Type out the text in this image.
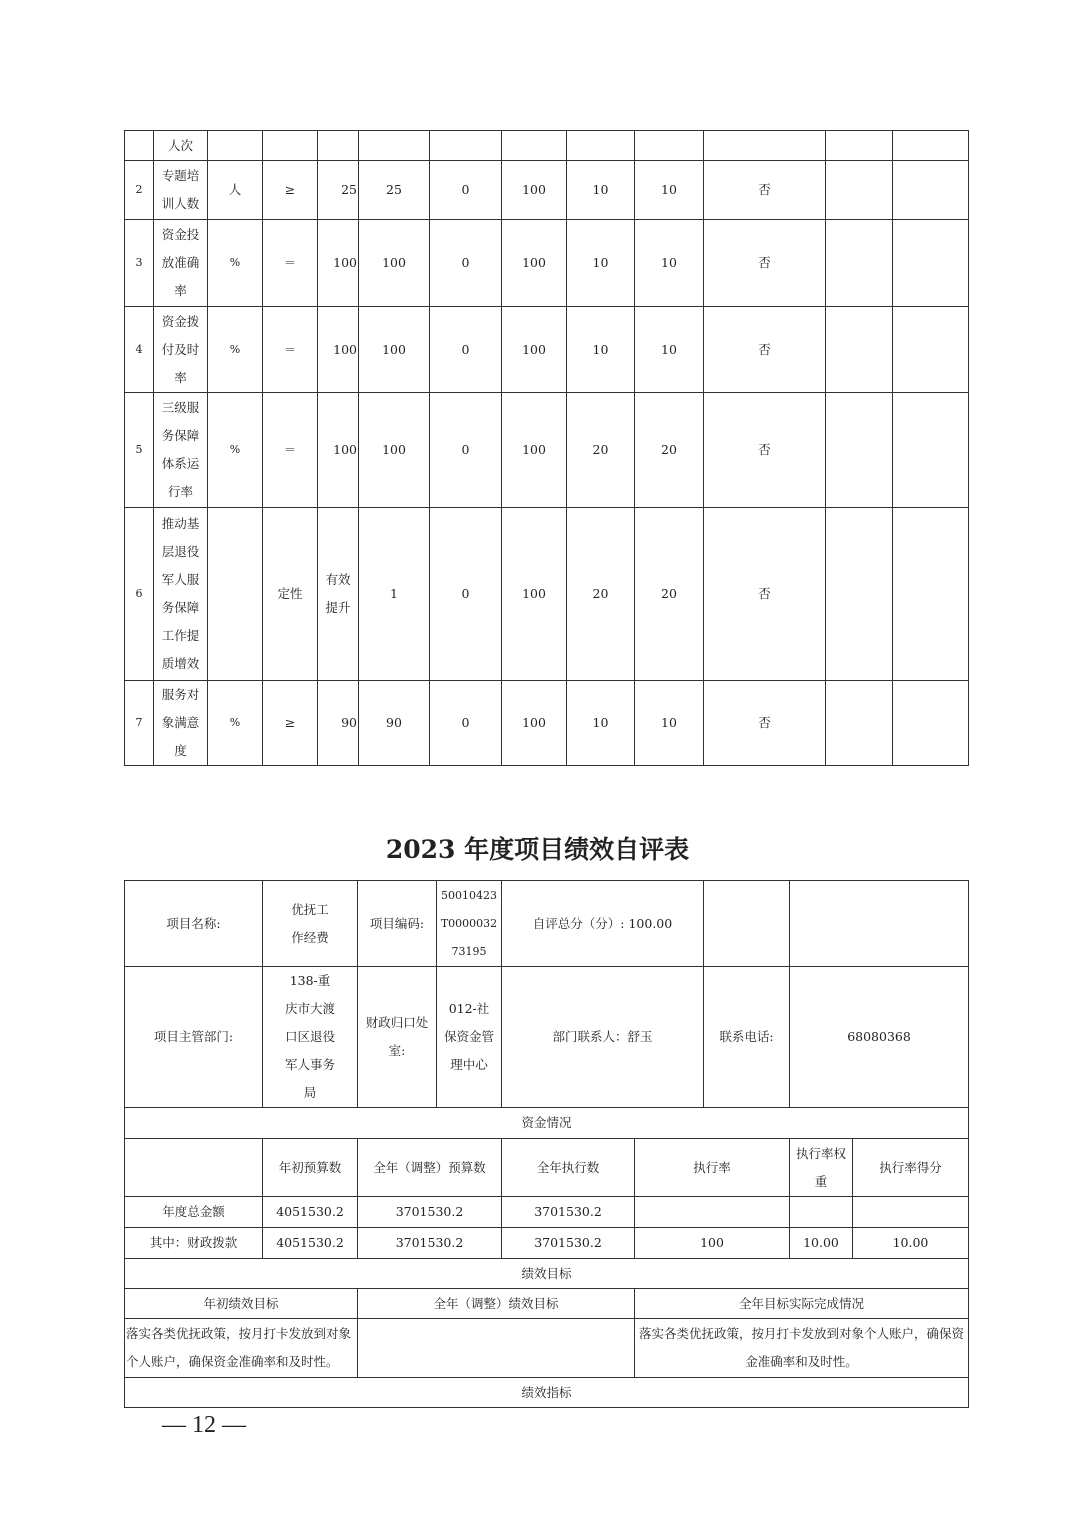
	人次											
2	专题培训人数	人	≥	25	25	0	100	10	10	否		
3	资金投放准确率	%	＝	100	100	0	100	10	10	否		
4	资金拨付及时率	%	＝	100	100	0	100	10	10	否		
5	三级服务保障体系运行率	%	＝	100	100	0	100	20	20	否		
6	推动基层退役军人服务保障工作提质增效		定性	有效提升	1	0	100	20	20	否		
7	服务对象满意度	%	≥	90	90	0	100	10	10	否		
2023 年度项目绩效自评表
项目名称:	优抚工作经费	项目编码:	50010423T000003273195	自评总分（分）: 100.00				
项目主管部门:	138-重庆市大渡口区退役军人事务局	财政归口处室:	012-社保资金管理中心	部门联系人：舒玉		联系电话:	68080368	
资金情况								
	年初预算数	全年（调整）预算数		全年执行数	执行率		执行率权重	执行率得分
年度总金额	4051530.2	3701530.2		3701530.2				
其中：财政拨款	4051530.2	3701530.2		3701530.2	100		10.00	10.00
绩效目标								
年初绩效目标		全年（调整）绩效目标			全年目标实际完成情况			
落实各类优抚政策，按月打卡发放到对象个人账户，确保资金准确率和及时性。					落实各类优抚政策，按月打卡发放到对象个人账户，确保资金准确率和及时性。			
绩效指标								
— 12 —
